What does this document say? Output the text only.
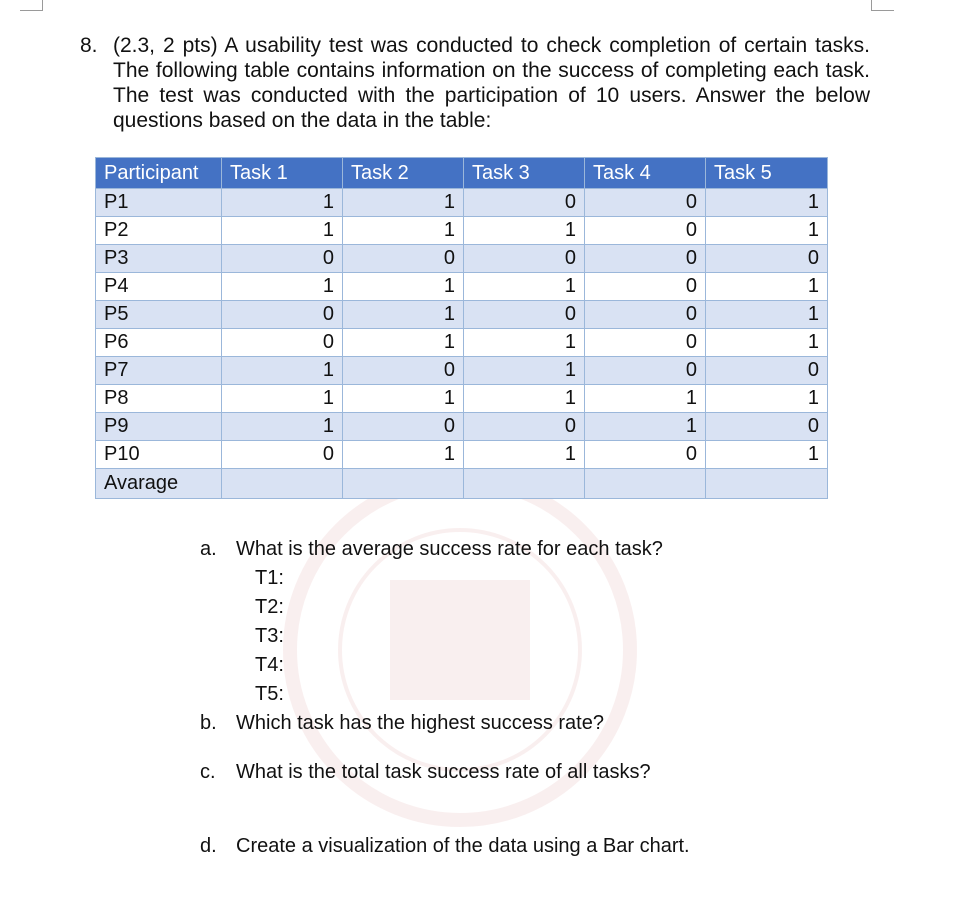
8. (2.3, 2 pts) A usability test was conducted to check completion of certain tasks. The following table contains information on the success of completing each task. The test was conducted with the participation of 10 users. Answer the below questions based on the data in the table:
Participant	Task 1	Task 2	Task 3	Task 4	Task 5
P1	1	1	0	0	1
P2	1	1	1	0	1
P3	0	0	0	0	0
P4	1	1	1	0	1
P5	0	1	0	0	1
P6	0	1	1	0	1
P7	1	0	1	0	0
P8	1	1	1	1	1
P9	1	0	0	1	0
P10	0	1	1	0	1
Avarage					
a. What is the average success rate for each task?
T1:
T2:
T3:
T4:
T5:
b. Which task has the highest success rate?
c. What is the total task success rate of all tasks?
d. Create a visualization of the data using a Bar chart.
